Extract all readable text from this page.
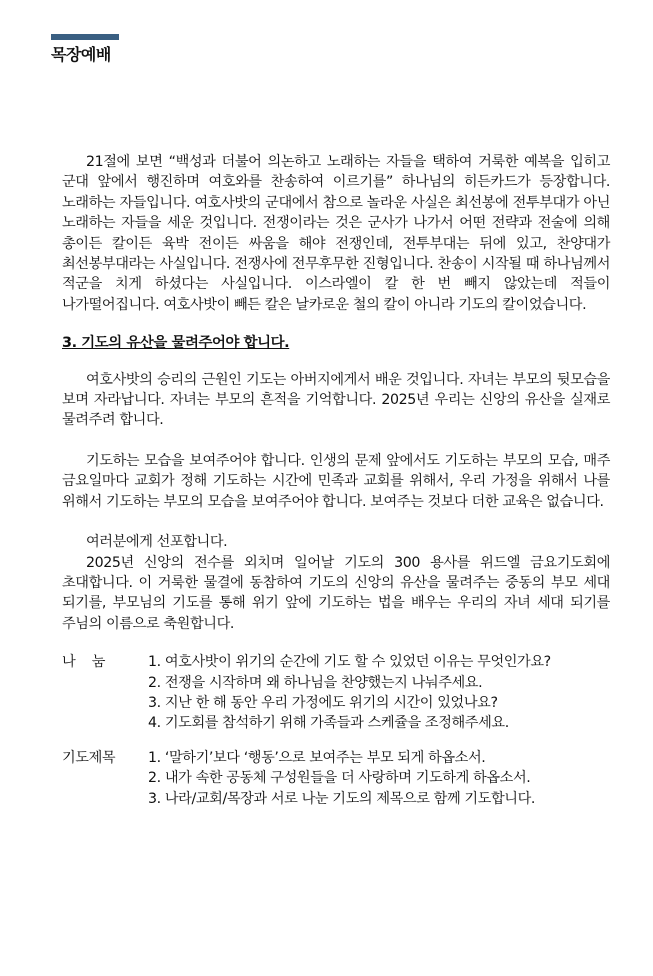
목장예배

21절에 보면 “백성과 더불어 의논하고 노래하는 자들을 택하여 거룩한 예복을 입히고 군대 앞에서 행진하며 여호와를 찬송하여 이르기를” 하나님의 히든카드가 등장합니다. 노래하는 자들입니다. 여호사밧의 군대에서 참으로 놀라운 사실은 최선봉에 전투부대가 아닌 노래하는 자들을 세운 것입니다. 전쟁이라는 것은 군사가 나가서 어떤 전략과 전술에 의해 총이든 칼이든 육박 전이든 싸움을 해야 전쟁인데, 전투부대는 뒤에 있고, 찬양대가 최선봉부대라는 사실입니다. 전쟁사에 전무후무한 진형입니다. 찬송이 시작될 때 하나님께서 적군을 치게 하셨다는 사실입니다. 이스라엘이 칼 한 번 빼지 않았는데 적들이 나가떨어집니다. 여호사밧이 빼든 칼은 날카로운 철의 칼이 아니라 기도의 칼이었습니다.

3. 기도의 유산을 물려주어야 합니다.

여호사밧의 승리의 근원인 기도는 아버지에게서 배운 것입니다. 자녀는 부모의 뒷모습을 보며 자라납니다. 자녀는 부모의 흔적을 기억합니다. 2025년 우리는 신앙의 유산을 실재로 물려주려 합니다.

기도하는 모습을 보여주어야 합니다. 인생의 문제 앞에서도 기도하는 부모의 모습, 매주 금요일마다 교회가 정해 기도하는 시간에 민족과 교회를 위해서, 우리 가정을 위해서 나를 위해서 기도하는 부모의 모습을 보여주어야 합니다. 보여주는 것보다 더한 교육은 없습니다.

여러분에게 선포합니다.

2025년 신앙의 전수를 외치며 일어날 기도의 300 용사를 위드엘 금요기도회에 초대합니다. 이 거룩한 물결에 동참하여 기도의 신앙의 유산을 물려주는 중동의 부모 세대 되기를, 부모님의 기도를 통해 위기 앞에 기도하는 법을 배우는 우리의 자녀 세대 되기를 주님의 이름으로 축원합니다.

나    눔	1. 여호사밧이 위기의 순간에 기도 할 수 있었던 이유는 무엇인가요?
2. 전쟁을 시작하며 왜 하나님을 찬양했는지 나눠주세요.
3. 지난 한 해 동안 우리 가정에도 위기의 시간이 있었나요?
4. 기도회를 참석하기 위해 가족들과 스케쥴을 조정해주세요.
기도제목	1. ‘말하기’보다 ‘행동’으로 보여주는 부모 되게 하옵소서.
2. 내가 속한 공동체 구성원들을 더 사랑하며 기도하게 하옵소서.
3. 나라/교회/목장과 서로 나눈 기도의 제목으로 함께 기도합니다.
